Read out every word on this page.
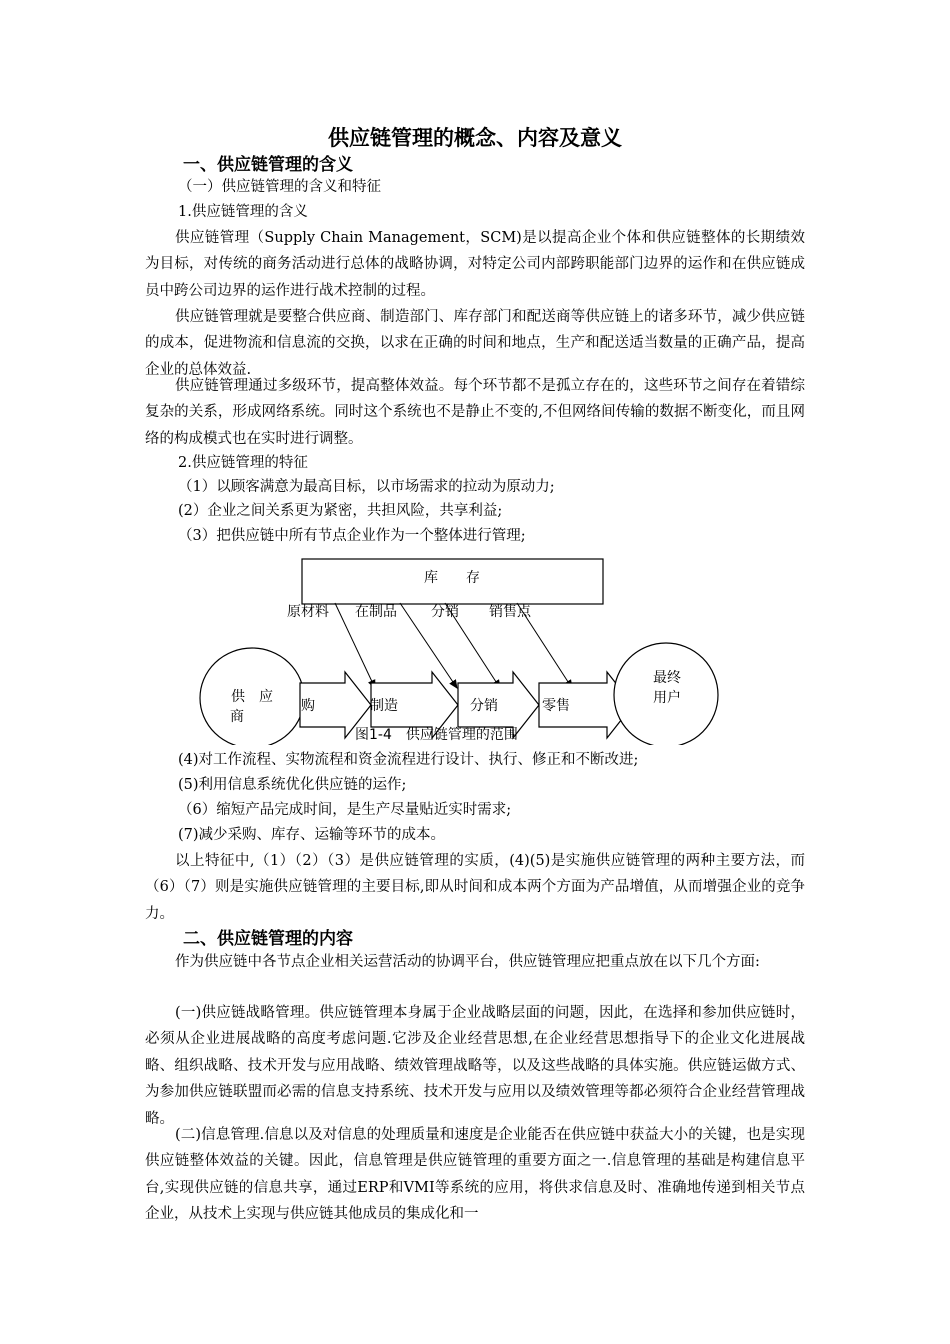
供应链管理的概念、内容及意义
一、供应链管理的含义
（一）供应链管理的含义和特征
1.供应链管理的含义
供应链管理（Supply Chain Management，SCM)是以提高企业个体和供应链整体的长期绩效为目标，对传统的商务活动进行总体的战略协调，对特定公司内部跨职能部门边界的运作和在供应链成员中跨公司边界的运作进行战术控制的过程。
供应链管理就是要整合供应商、制造部门、库存部门和配送商等供应链上的诸多环节，减少供应链的成本，促进物流和信息流的交换，以求在正确的时间和地点，生产和配送适当数量的正确产品，提高企业的总体效益.
供应链管理通过多级环节，提高整体效益。每个环节都不是孤立存在的，这些环节之间存在着错综复杂的关系，形成网络系统。同时这个系统也不是静止不变的,不但网络间传输的数据不断变化，而且网络的构成模式也在实时进行调整。
2.供应链管理的特征
（1）以顾客满意为最高目标，以市场需求的拉动为原动力;
(2）企业之间关系更为紧密，共担风险，共享利益;
（3）把供应链中所有节点企业作为一个整体进行管理;
库　　存
原材料 在制品 分销 销售点
供　应
商
购	制造	分销	零售
最终
用户
图1-4　供应链管理的范围
(4)对工作流程、实物流程和资金流程进行设计、执行、修正和不断改进;
(5)利用信息系统优化供应链的运作;
（6）缩短产品完成时间，是生产尽量贴近实时需求;
(7)减少采购、库存、运输等环节的成本。
以上特征中,（1）（2）（3）是供应链管理的实质，(4)(5)是实施供应链管理的两种主要方法，而（6）（7）则是实施供应链管理的主要目标,即从时间和成本两个方面为产品增值，从而增强企业的竞争力。
二、供应链管理的内容
作为供应链中各节点企业相关运营活动的协调平台，供应链管理应把重点放在以下几个方面:
(一)供应链战略管理。供应链管理本身属于企业战略层面的问题，因此，在选择和参加供应链时，必须从企业进展战略的高度考虑问题.它涉及企业经营思想,在企业经营思想指导下的企业文化进展战略、组织战略、技术开发与应用战略、绩效管理战略等，以及这些战略的具体实施。供应链运做方式、为参加供应链联盟而必需的信息支持系统、技术开发与应用以及绩效管理等都必须符合企业经营管理战略。
(二)信息管理.信息以及对信息的处理质量和速度是企业能否在供应链中获益大小的关键，也是实现供应链整体效益的关键。因此，信息管理是供应链管理的重要方面之一.信息管理的基础是构建信息平台,实现供应链的信息共享，通过ERP和VMI等系统的应用，将供求信息及时、准确地传递到相关节点企业，从技术上实现与供应链其他成员的集成化和一
